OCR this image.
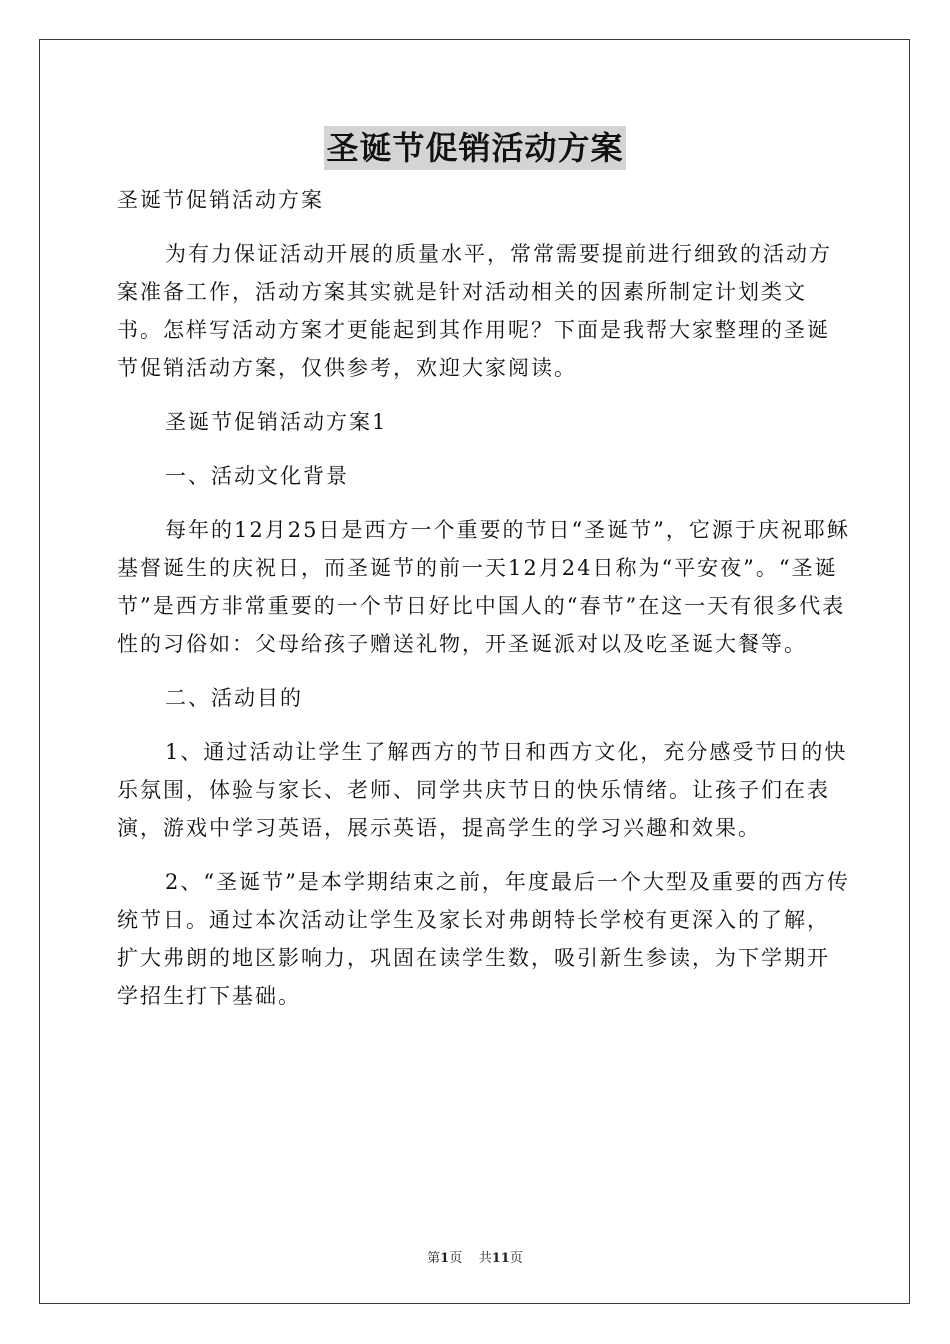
圣诞节促销活动方案

圣诞节促销活动方案

为有力保证活动开展的质量水平，常常需要提前进行细致的活动方案准备工作，活动方案其实就是针对活动相关的因素所制定计划类文书。怎样写活动方案才更能起到其作用呢？下面是我帮大家整理的圣诞节促销活动方案，仅供参考，欢迎大家阅读。

圣诞节促销活动方案1

一、活动文化背景

每年的12月25日是西方一个重要的节日“圣诞节”，它源于庆祝耶稣基督诞生的庆祝日，而圣诞节的前一天12月24日称为“平安夜”。“圣诞节”是西方非常重要的一个节日好比中国人的“春节”在这一天有很多代表性的习俗如：父母给孩子赠送礼物，开圣诞派对以及吃圣诞大餐等。

二、活动目的

1、通过活动让学生了解西方的节日和西方文化，充分感受节日的快乐氛围，体验与家长、老师、同学共庆节日的快乐情绪。让孩子们在表演，游戏中学习英语，展示英语，提高学生的学习兴趣和效果。

2、“圣诞节”是本学期结束之前，年度最后一个大型及重要的西方传统节日。通过本次活动让学生及家长对弗朗特长学校有更深入的了解，扩大弗朗的地区影响力，巩固在读学生数，吸引新生参读，为下学期开学招生打下基础。

第1页 共11页
